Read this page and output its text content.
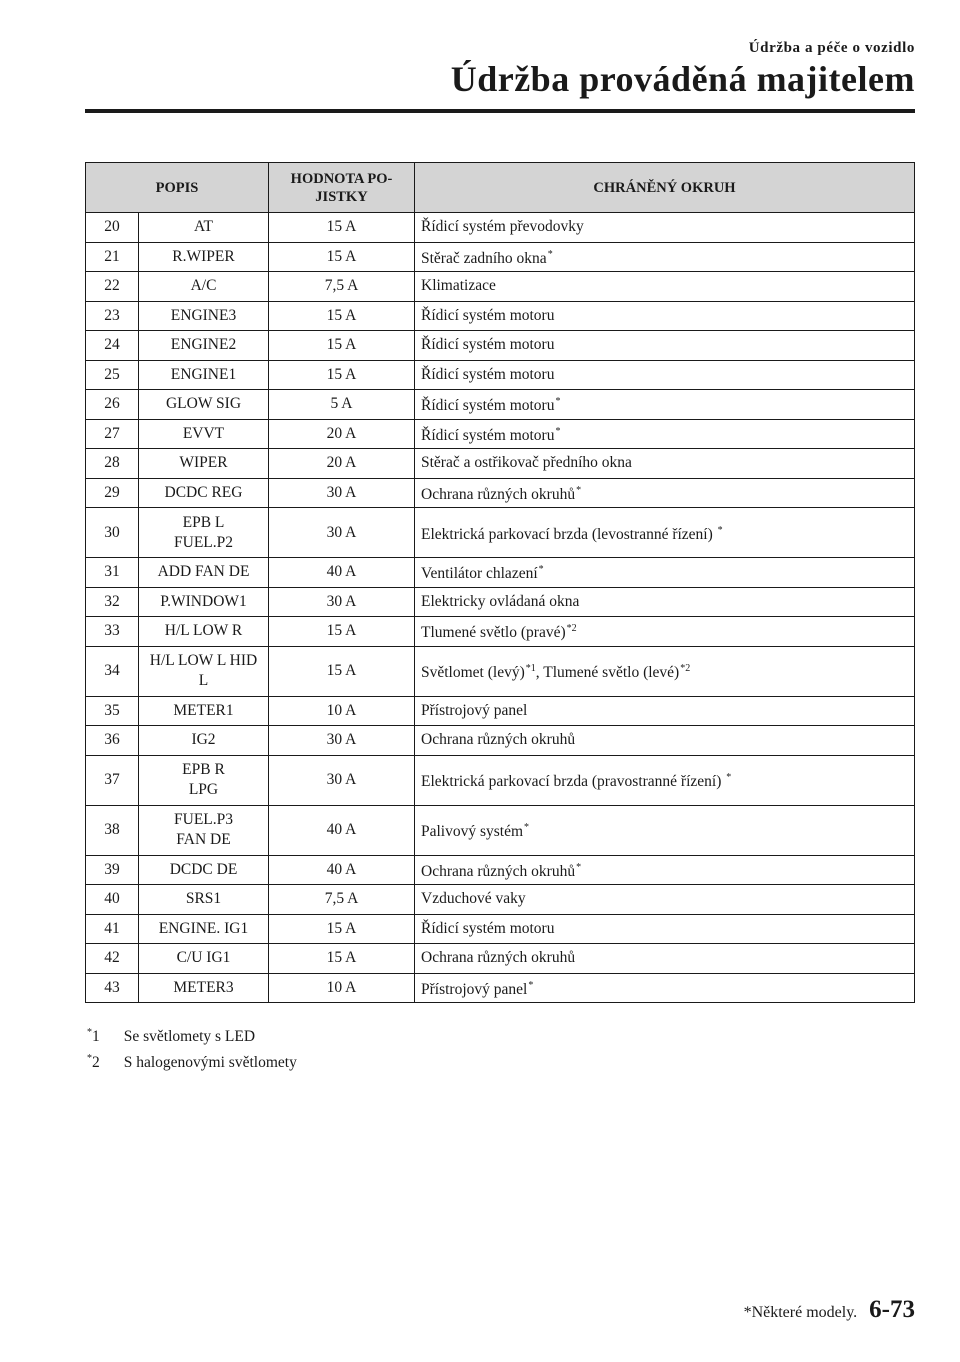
Údržba a péče o vozidlo
Údržba prováděná majitelem
POPIS		HODNOTA PO-
JISTKY	CHRÁNĚNÝ OKRUH
20	AT	15 A	Řídicí systém převodovky
21	R.WIPER	15 A	Stěrač zadního okna*
22	A/C	7,5 A	Klimatizace
23	ENGINE3	15 A	Řídicí systém motoru
24	ENGINE2	15 A	Řídicí systém motoru
25	ENGINE1	15 A	Řídicí systém motoru
26	GLOW SIG	5 A	Řídicí systém motoru*
27	EVVT	20 A	Řídicí systém motoru*
28	WIPER	20 A	Stěrač a ostřikovač předního okna
29	DCDC REG	30 A	Ochrana různých okruhů*
30	EPB L
FUEL.P2	30 A	Elektrická parkovací brzda (levostranné řízení) *
31	ADD FAN DE	40 A	Ventilátor chlazení*
32	P.WINDOW1	30 A	Elektricky ovládaná okna
33	H/L LOW R	15 A	Tlumené světlo (pravé)$^{*2}$
34	H/L LOW L HID
L	15 A	Světlomet (levý)$^{*1}$, Tlumené světlo (levé)$^{*2}$
35	METER1	10 A	Přístrojový panel
36	IG2	30 A	Ochrana různých okruhů
37	EPB R
LPG	30 A	Elektrická parkovací brzda (pravostranné řízení) *
38	FUEL.P3
FAN DE	40 A	Palivový systém*
39	DCDC DE	40 A	Ochrana různých okruhů*
40	SRS1	7,5 A	Vzduchové vaky
41	ENGINE. IG1	15 A	Řídicí systém motoru
42	C/U IG1	15 A	Ochrana různých okruhů
43	METER3	10 A	Přístrojový panel*
*1 Se světlomety s LED
*2 S halogenovými světlomety
*Některé modely. 6-73
